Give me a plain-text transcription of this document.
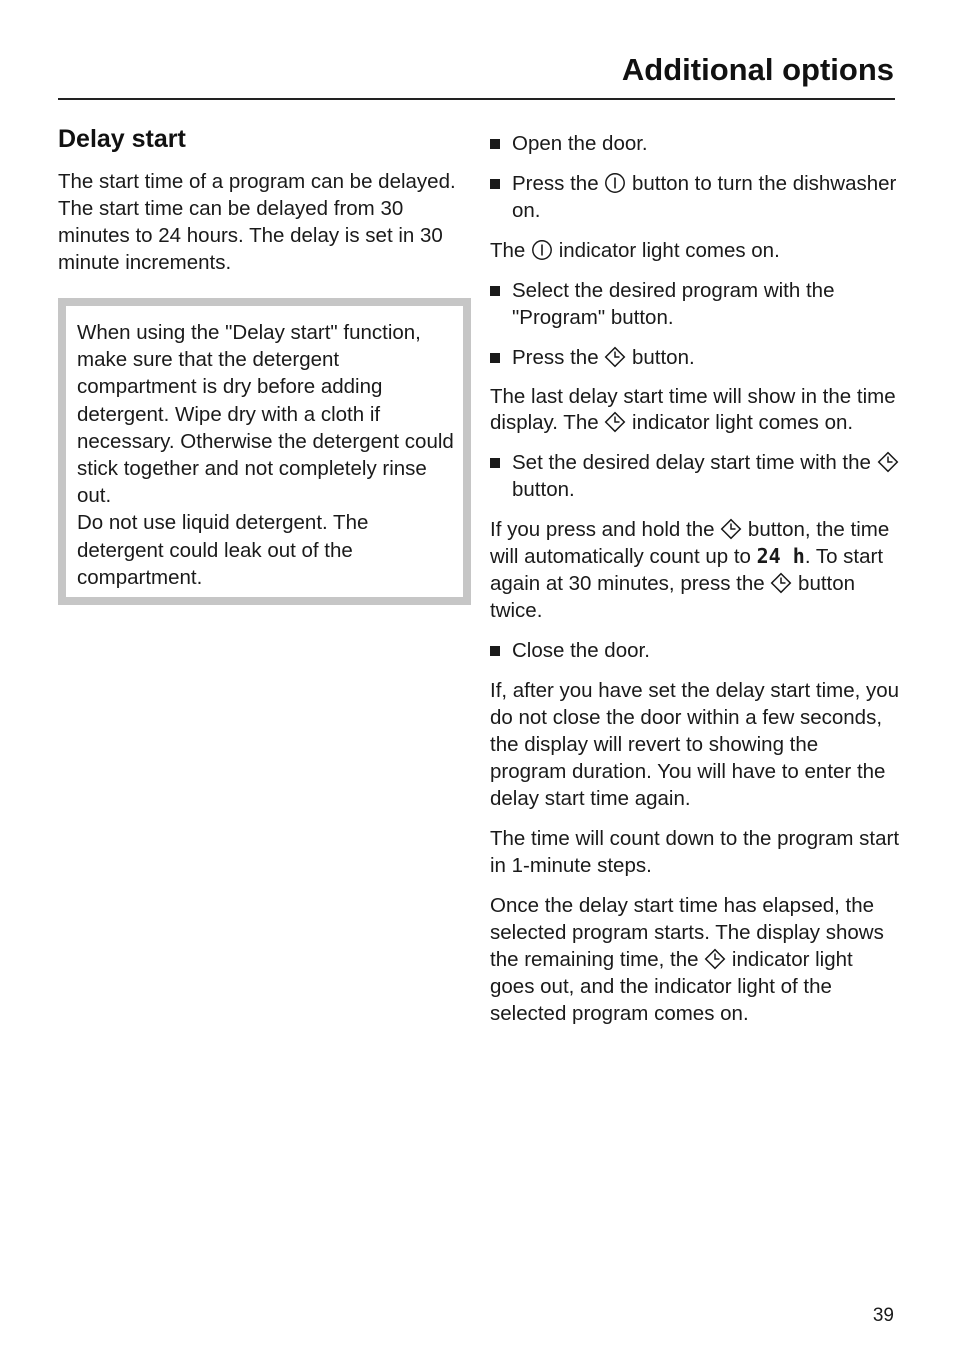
Additional options
Delay start

The start time of a program can be delayed. The start time can be delayed from 30 minutes to 24 hours. The delay is set in 30 minute increments.

When using the "Delay start" function, make sure that the detergent compartment is dry before adding detergent. Wipe dry with a cloth if necessary. Otherwise the detergent could stick together and not completely rinse out.

Do not use liquid detergent. The detergent could leak out of the compartment.

Open the door.

Press the
button to turn the dishwasher on.

The
indicator light comes on.

Select the desired program with the "Program" button.

Press the
button.

The last delay start time will show in the time display. The
indicator light comes on.

Set the desired delay start time with the
button.

If you press and hold the
button, the time will automatically count up to 24 h. To start again at 30 minutes, press the
button twice.

Close the door.

If, after you have set the delay start time, you do not close the door within a few seconds, the display will revert to showing the program duration. You will have to enter the delay start time again.

The time will count down to the program start in 1-minute steps.

Once the delay start time has elapsed, the selected program starts. The display shows the remaining time, the
indicator light goes out, and the indicator light of the selected program comes on.

39
